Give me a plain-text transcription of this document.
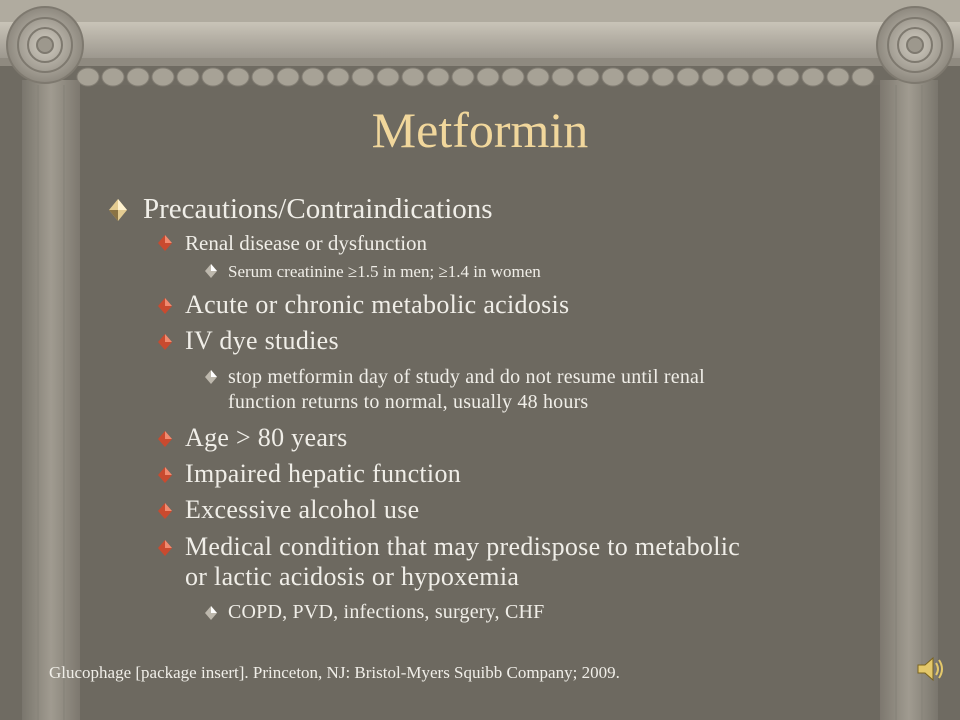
Metformin
Precautions/Contraindications
Renal disease or dysfunction
Serum creatinine ≥1.5 in men; ≥1.4 in women
Acute or chronic metabolic acidosis
IV dye studies
stop metformin day of study and do not resume until renal
function returns to normal, usually 48 hours
Age > 80 years
Impaired hepatic function
Excessive alcohol use
Medical condition that may predispose to metabolic
or lactic acidosis or hypoxemia
COPD, PVD, infections, surgery, CHF
Glucophage [package insert]. Princeton, NJ: Bristol-Myers Squibb Company; 2009.
